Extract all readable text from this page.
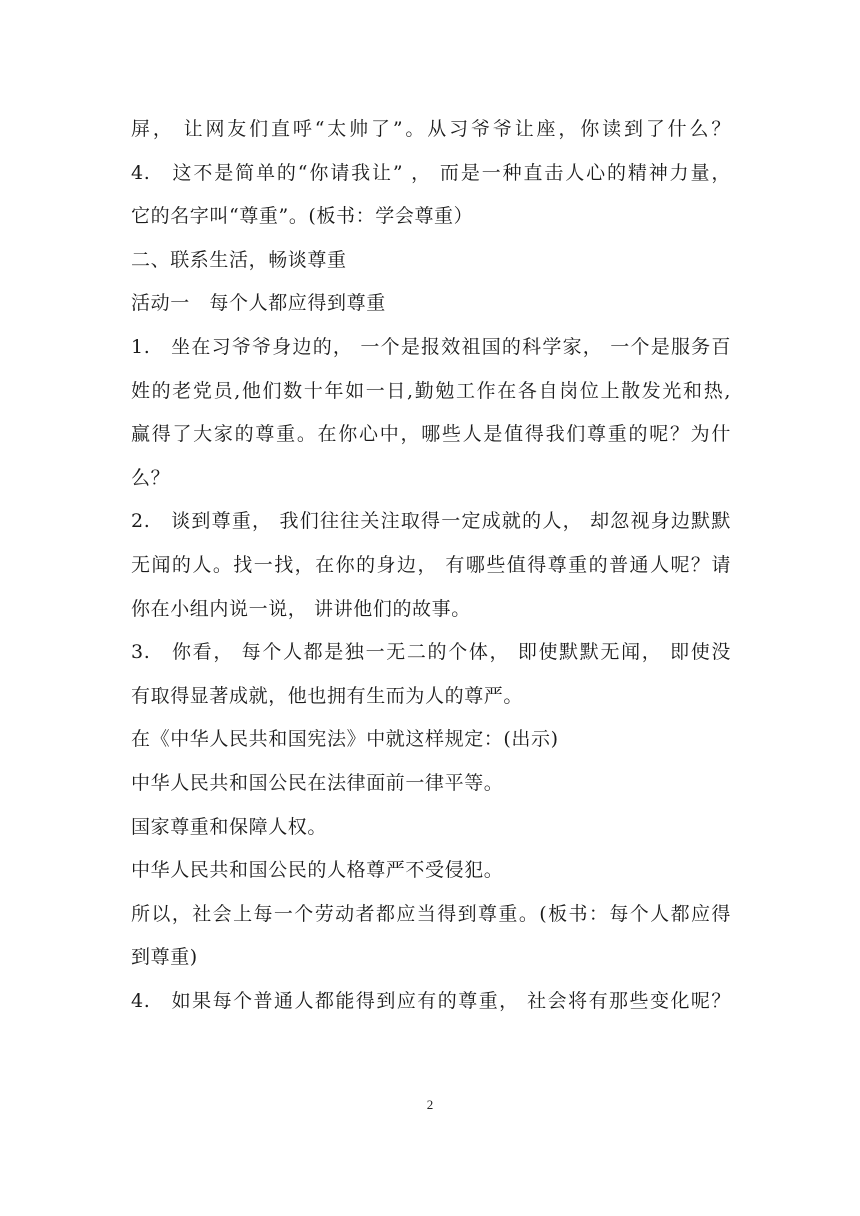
屏， 让网友们直呼“太帅了”。从习爷爷让座，你读到了什么？
4.　这不是简单的“你请我让” ， 而是一种直击人心的精神力量，
它的名字叫“尊重”。(板书：学会尊重）
二、联系生活，畅谈尊重
活动一　每个人都应得到尊重
1.　坐在习爷爷身边的， 一个是报效祖国的科学家， 一个是服务百
姓的老党员,他们数十年如一日,勤勉工作在各自岗位上散发光和热,
赢得了大家的尊重。在你心中，哪些人是值得我们尊重的呢？为什
么？
2.　谈到尊重， 我们往往关注取得一定成就的人， 却忽视身边默默
无闻的人。找一找，在你的身边， 有哪些值得尊重的普通人呢？请
你在小组内说一说， 讲讲他们的故事。
3.　你看， 每个人都是独一无二的个体， 即使默默无闻， 即使没
有取得显著成就，他也拥有生而为人的尊严。
在《中华人民共和国宪法》中就这样规定：(出示)
中华人民共和国公民在法律面前一律平等。
国家尊重和保障人权。
中华人民共和国公民的人格尊严不受侵犯。
所以，社会上每一个劳动者都应当得到尊重。(板书：每个人都应得
到尊重)
4.　如果每个普通人都能得到应有的尊重， 社会将有那些变化呢？
2
